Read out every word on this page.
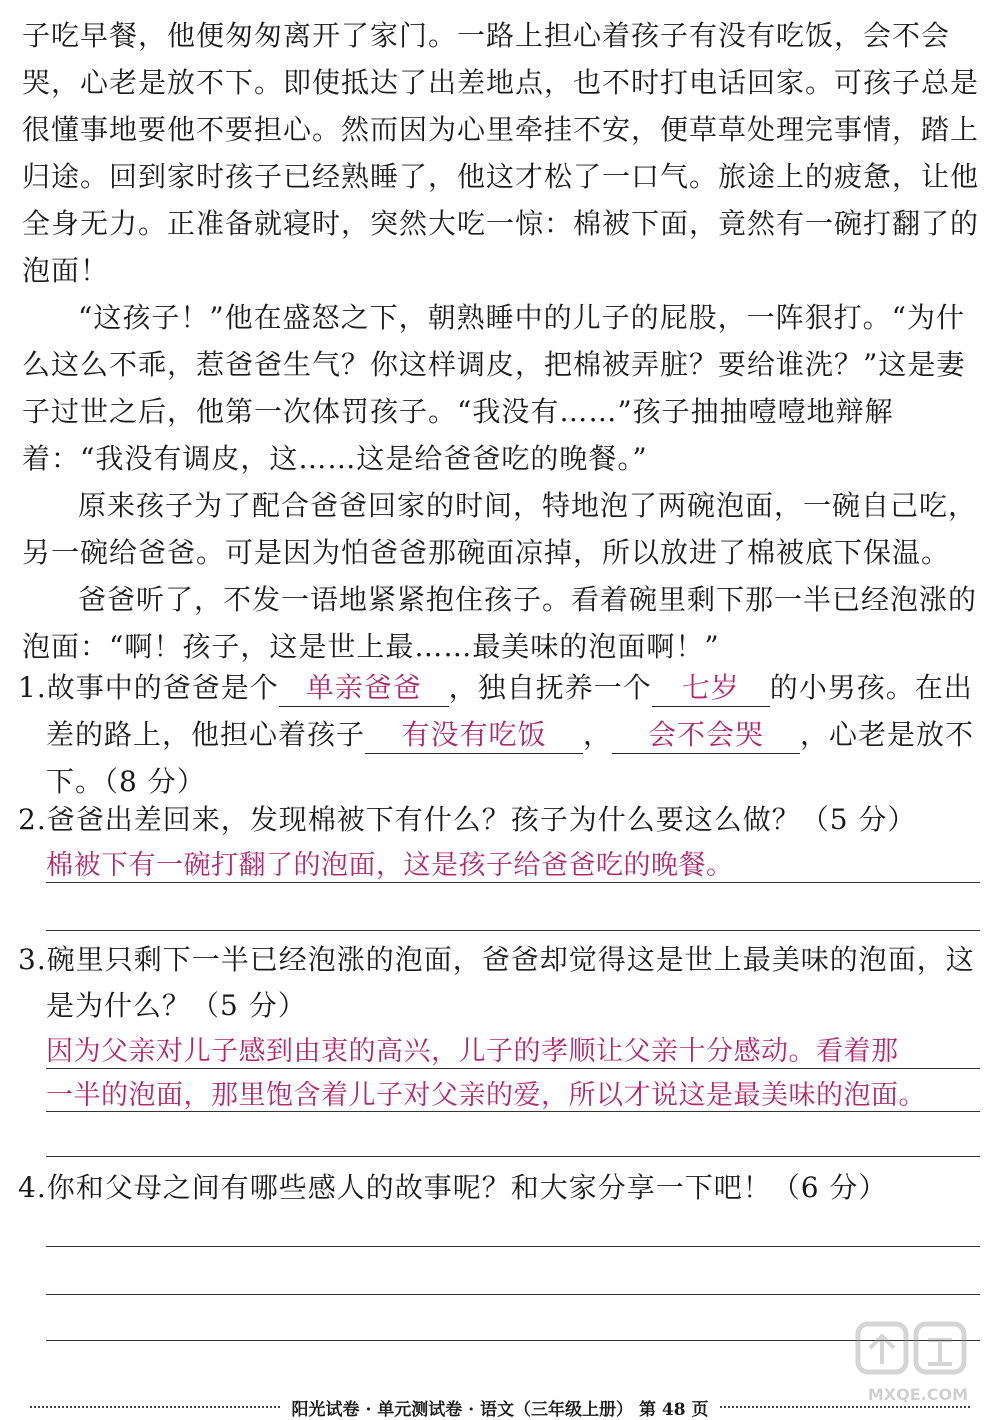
子吃早餐，他便匆匆离开了家门。一路上担心着孩子有没有吃饭，会不会哭，心老是放不下。即使抵达了出差地点，也不时打电话回家。可孩子总是很懂事地要他不要担心。然而因为心里牵挂不安，便草草处理完事情，踏上归途。回到家时孩子已经熟睡了，他这才松了一口气。旅途上的疲惫，让他全身无力。正准备就寝时，突然大吃一惊：棉被下面，竟然有一碗打翻了的泡面！

“这孩子！”他在盛怒之下，朝熟睡中的儿子的屁股，一阵狠打。“为什么这么不乖，惹爸爸生气？你这样调皮，把棉被弄脏？要给谁洗？”这是妻子过世之后，他第一次体罚孩子。“我没有……”孩子抽抽噎噎地辩解着：“我没有调皮，这……这是给爸爸吃的晚餐。”

原来孩子为了配合爸爸回家的时间，特地泡了两碗泡面，一碗自己吃，另一碗给爸爸。可是因为怕爸爸那碗面凉掉，所以放进了棉被底下保温。

爸爸听了，不发一语地紧紧抱住孩子。看着碗里剩下那一半已经泡涨的泡面：“啊！孩子，这是世上最……最美味的泡面啊！”

1.故事中的爸爸是个 单亲爸爸 ，独自抚养一个 七岁 的小男孩。在出
差的路上，他担心着孩子 有没有吃饭 ， 会不会哭 ，心老是放不
下。（8 分）

2.爸爸出差回来，发现棉被下有什么？孩子为什么要这么做？（5 分）

棉被下有一碗打翻了的泡面，这是孩子给爸爸吃的晚餐。

3.碗里只剩下一半已经泡涨的泡面，爸爸却觉得这是世上最美味的泡面，这

是为什么？（5 分）

因为父亲对儿子感到由衷的高兴，儿子的孝顺让父亲十分感动。看着那

一半的泡面，那里饱含着儿子对父亲的爱，所以才说这是最美味的泡面。

4.你和父母之间有哪些感人的故事呢？和大家分享一下吧！（6 分）

MXQE.COM
阳光试卷 · 单元测试卷 · 语文（三年级上册） 第 48 页
